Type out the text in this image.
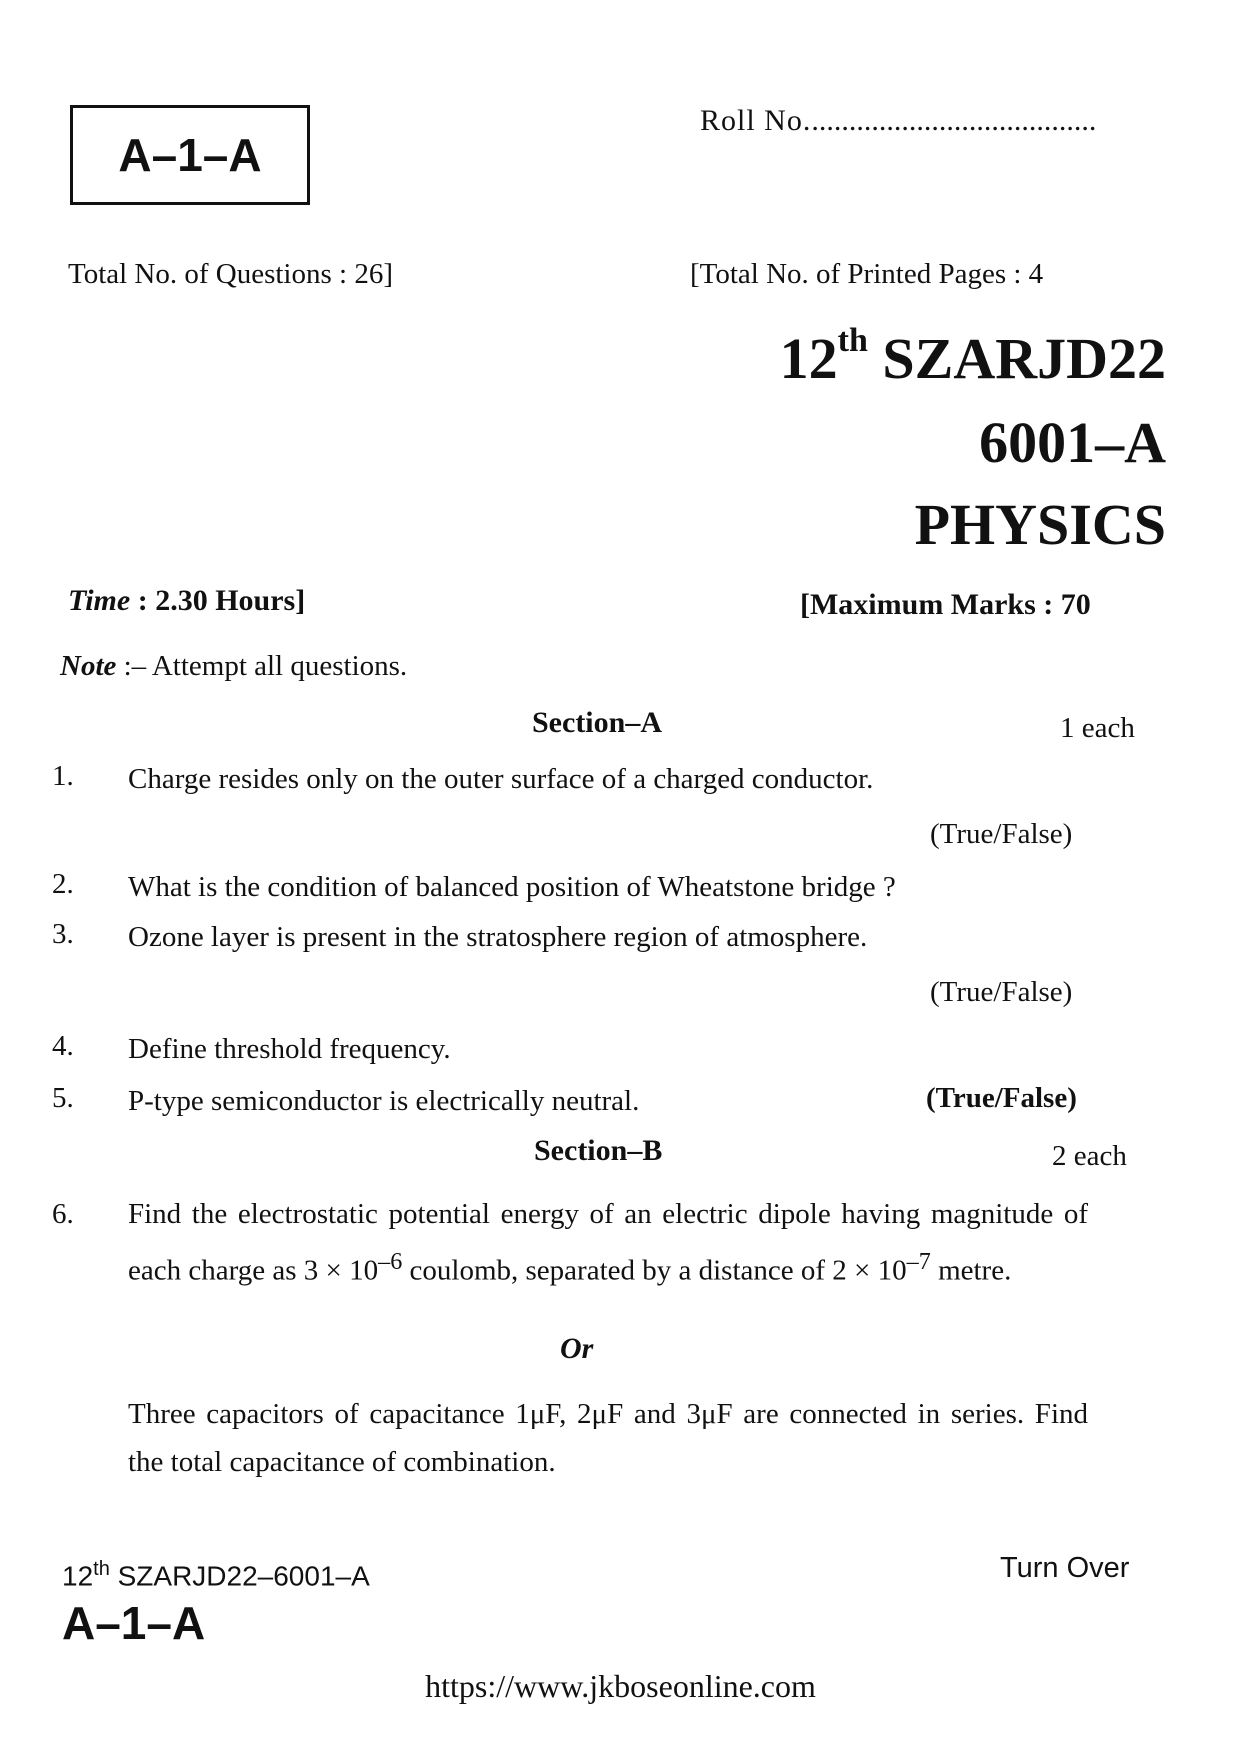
A–1–A
Roll No.......................................
Total No. of Questions : 26]	[Total No. of Printed Pages : 4
12th SZARJD22
6001–A
PHYSICS
Time : 2.30 Hours]	[Maximum Marks : 70
Note :– Attempt all questions.
Section–A	1 each
1. Charge resides only on the outer surface of a charged conductor.
(True/False)
2. What is the condition of balanced position of Wheatstone bridge ?
3. Ozone layer is present in the stratosphere region of atmosphere.
(True/False)
4. Define threshold frequency.
5. P-type semiconductor is electrically neutral.	(True/False)
Section–B	2 each
6. Find the electrostatic potential energy of an electric dipole having magnitude of each charge as $3 \times 10^{-6}$ coulomb, separated by a distance of $2 \times 10^{-7}$ metre.
Or
Three capacitors of capacitance 1μF, 2μF and 3μF are connected in series. Find the total capacitance of combination.
12th SZARJD22–6001–A
A–1–A
Turn Over
https://www.jkboseonline.com
